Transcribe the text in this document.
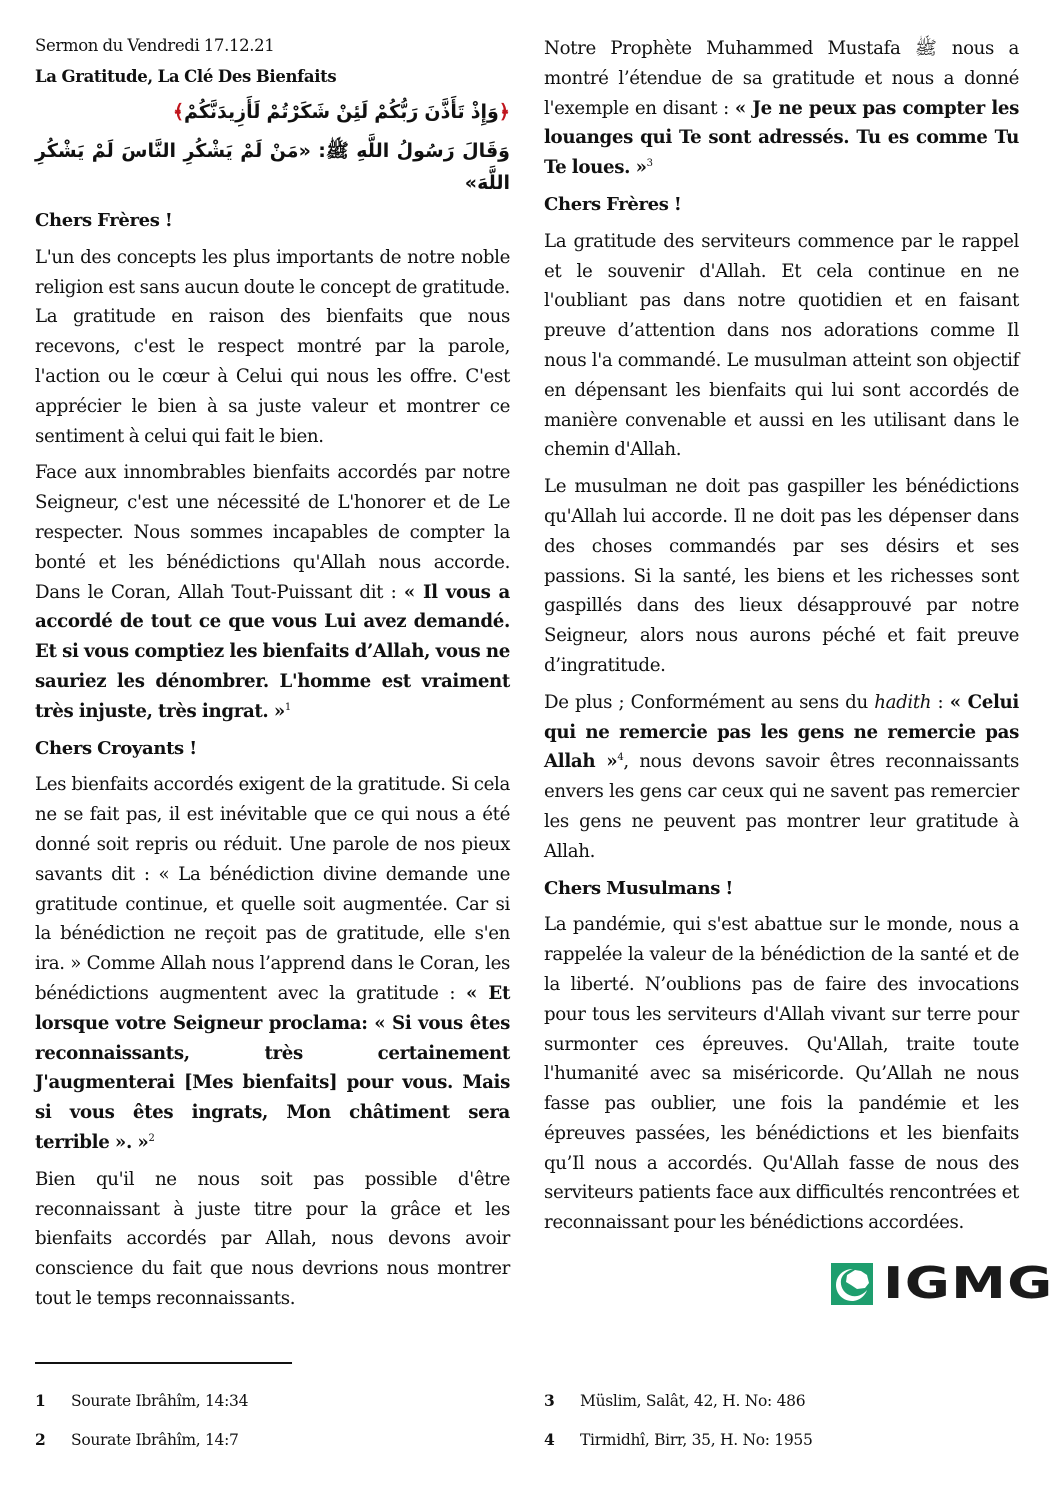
Sermon du Vendredi 17.12.21

La Gratitude, La Clé Des Bienfaits

﴿وَإِذْ تَأَذَّنَ رَبُّكُمْ لَئِنْ شَكَرْتُمْ لَأَزِيدَنَّكُمْ﴾

وَقَالَ رَسُولُ اللَّهِ ﷺ: «مَنْ لَمْ يَشْكُرِ النَّاسَ لَمْ يَشْكُرِ اللَّهَ»

Chers Frères !

L'un des concepts les plus importants de notre noble religion est sans aucun doute le concept de gratitude. La gratitude en raison des bienfaits que nous recevons, c'est le respect montré par la parole, l'action ou le cœur à Celui qui nous les offre. C'est apprécier le bien à sa juste valeur et montrer ce sentiment à celui qui fait le bien.

Face aux innombrables bienfaits accordés par notre Seigneur, c'est une nécessité de L'honorer et de Le respecter. Nous sommes incapables de compter la bonté et les bénédictions qu'Allah nous accorde. Dans le Coran, Allah Tout-Puissant dit : « Il vous a accordé de tout ce que vous Lui avez demandé. Et si vous comptiez les bienfaits d’Allah, vous ne sauriez les dénombrer. L'homme est vraiment très injuste, très ingrat. »$^1$

Chers Croyants !

Les bienfaits accordés exigent de la gratitude. Si cela ne se fait pas, il est inévitable que ce qui nous a été donné soit repris ou réduit. Une parole de nos pieux savants dit : « La bénédiction divine demande une gratitude continue, et quelle soit augmentée. Car si la bénédiction ne reçoit pas de gratitude, elle s'en ira. » Comme Allah nous l’apprend dans le Coran, les bénédictions augmentent avec la gratitude : « Et lorsque votre Seigneur proclama: « Si vous êtes reconnaissants, très certainement J'augmenterai [Mes bienfaits] pour vous. Mais si vous êtes ingrats, Mon châtiment sera terrible ». »$^2$

Bien qu'il ne nous soit pas possible d'être reconnaissant à juste titre pour la grâce et les bienfaits accordés par Allah, nous devons avoir conscience du fait que nous devrions nous montrer tout le temps reconnaissants.

Notre Prophète Muhammed Mustafa ﷺ nous a montré l’étendue de sa gratitude et nous a donné l'exemple en disant : « Je ne peux pas compter les louanges qui Te sont adressés. Tu es comme Tu Te loues. »$^3$

Chers Frères !

La gratitude des serviteurs commence par le rappel et le souvenir d'Allah. Et cela continue en ne l'oubliant pas dans notre quotidien et en faisant preuve d’attention dans nos adorations comme Il nous l'a commandé. Le musulman atteint son objectif en dépensant les bienfaits qui lui sont accordés de manière convenable et aussi en les utilisant dans le chemin d'Allah.

Le musulman ne doit pas gaspiller les bénédictions qu'Allah lui accorde. Il ne doit pas les dépenser dans des choses commandés par ses désirs et ses passions. Si la santé, les biens et les richesses sont gaspillés dans des lieux désapprouvé par notre Seigneur, alors nous aurons péché et fait preuve d’ingratitude.

De plus ; Conformément au sens du hadith : « Celui qui ne remercie pas les gens ne remercie pas Allah »$^4$, nous devons savoir êtres reconnaissants envers les gens car ceux qui ne savent pas remercier les gens ne peuvent pas montrer leur gratitude à Allah.

Chers Musulmans !

La pandémie, qui s'est abattue sur le monde, nous a rappelée la valeur de la bénédiction de la santé et de la liberté. N’oublions pas de faire des invocations pour tous les serviteurs d'Allah vivant sur terre pour surmonter ces épreuves. Qu'Allah, traite toute l'humanité avec sa miséricorde. Qu’Allah ne nous fasse pas oublier, une fois la pandémie et les épreuves passées, les bénédictions et les bienfaits qu’Il nous a accordés. Qu'Allah fasse de nous des serviteurs patients face aux difficultés rencontrées et reconnaissant pour les bénédictions accordées.

IGMG
1	Sourate Ibrâhîm, 14:34
2	Sourate Ibrâhîm, 14:7
3	Müslim, Salât, 42, H. No: 486
4	Tirmidhî, Birr, 35, H. No: 1955
